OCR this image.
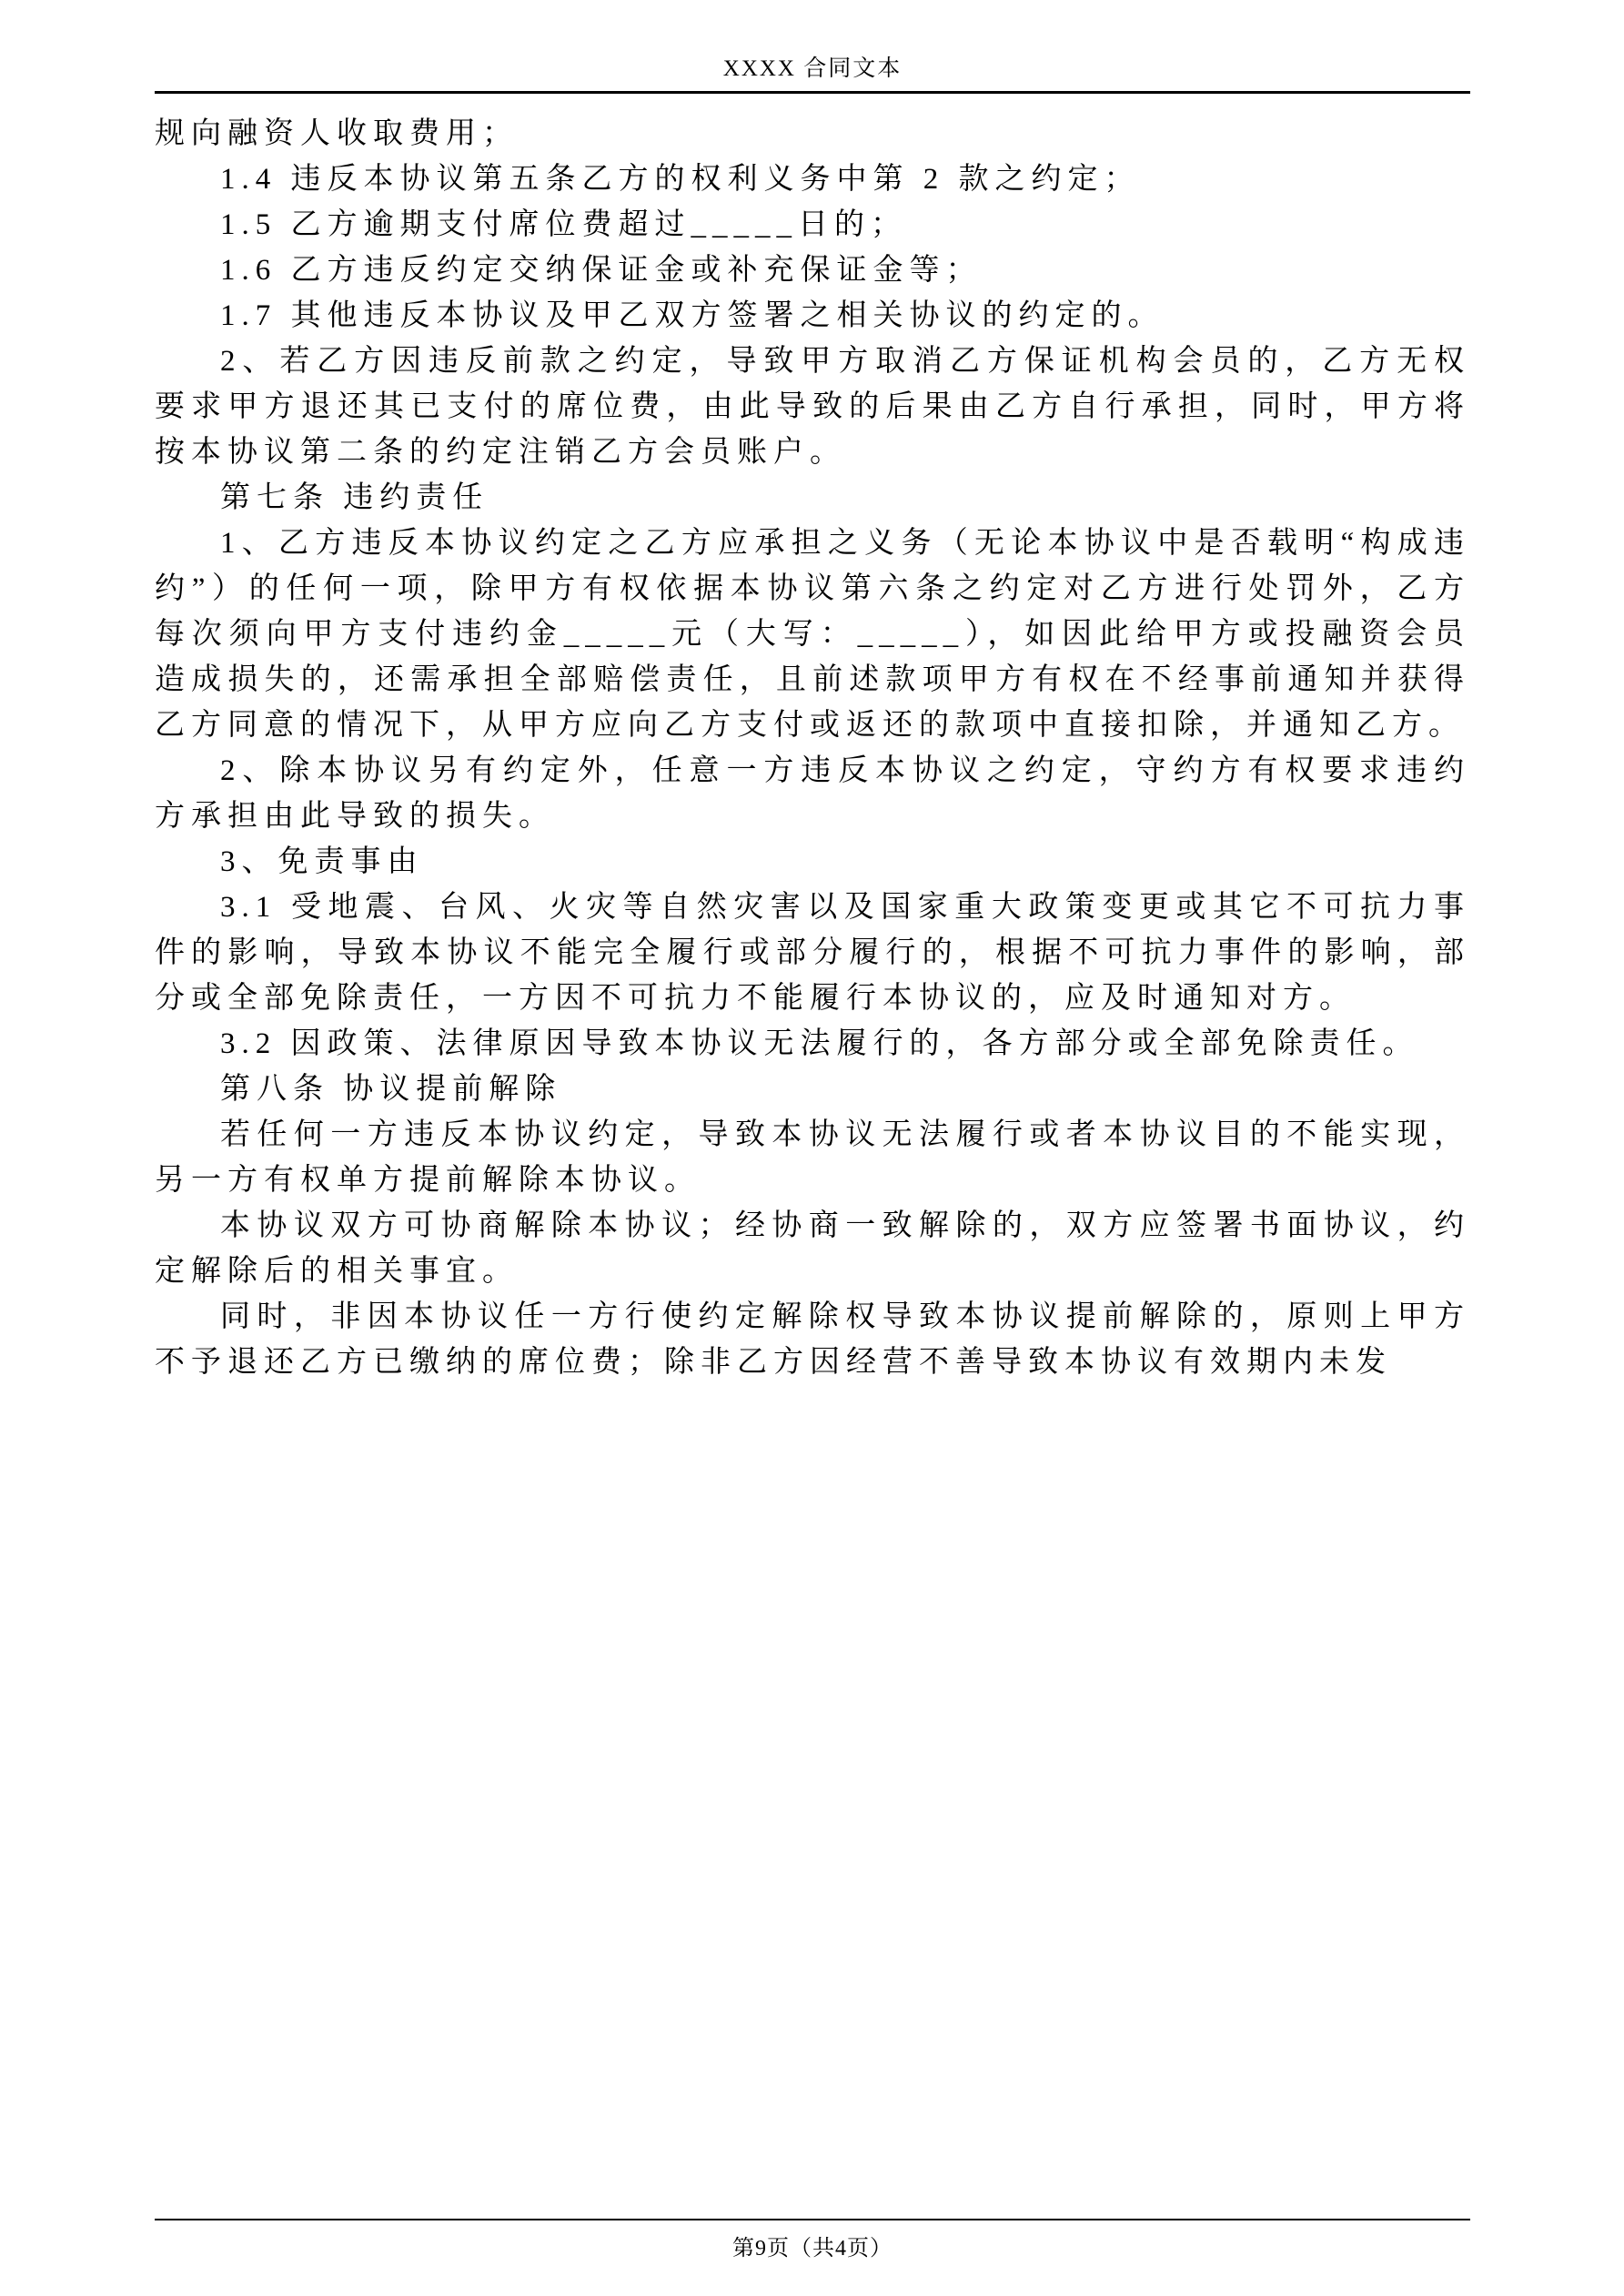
XXXX 合同文本

规向融资人收取费用；

1.4 违反本协议第五条乙方的权利义务中第 2 款之约定；

1.5 乙方逾期支付席位费超过_____日的；

1.6 乙方违反约定交纳保证金或补充保证金等；

1.7 其他违反本协议及甲乙双方签署之相关协议的约定的。

2、若乙方因违反前款之约定，导致甲方取消乙方保证机构会员的，乙方无权要求甲方退还其已支付的席位费，由此导致的后果由乙方自行承担，同时，甲方将按本协议第二条的约定注销乙方会员账户。

第七条 违约责任

1、乙方违反本协议约定之乙方应承担之义务（无论本协议中是否载明“构成违约”）的任何一项，除甲方有权依据本协议第六条之约定对乙方进行处罚外，乙方每次须向甲方支付违约金_____元（大写：_____），如因此给甲方或投融资会员造成损失的，还需承担全部赔偿责任，且前述款项甲方有权在不经事前通知并获得乙方同意的情况下，从甲方应向乙方支付或返还的款项中直接扣除，并通知乙方。

2、除本协议另有约定外，任意一方违反本协议之约定，守约方有权要求违约方承担由此导致的损失。

3、免责事由

3.1 受地震、台风、火灾等自然灾害以及国家重大政策变更或其它不可抗力事件的影响，导致本协议不能完全履行或部分履行的，根据不可抗力事件的影响，部分或全部免除责任，一方因不可抗力不能履行本协议的，应及时通知对方。

3.2 因政策、法律原因导致本协议无法履行的，各方部分或全部免除责任。

第八条 协议提前解除

若任何一方违反本协议约定，导致本协议无法履行或者本协议目的不能实现，另一方有权单方提前解除本协议。

本协议双方可协商解除本协议；经协商一致解除的，双方应签署书面协议，约定解除后的相关事宜。

同时，非因本协议任一方行使约定解除权导致本协议提前解除的，原则上甲方不予退还乙方已缴纳的席位费；除非乙方因经营不善导致本协议有效期内未发

第9页（共4页）
